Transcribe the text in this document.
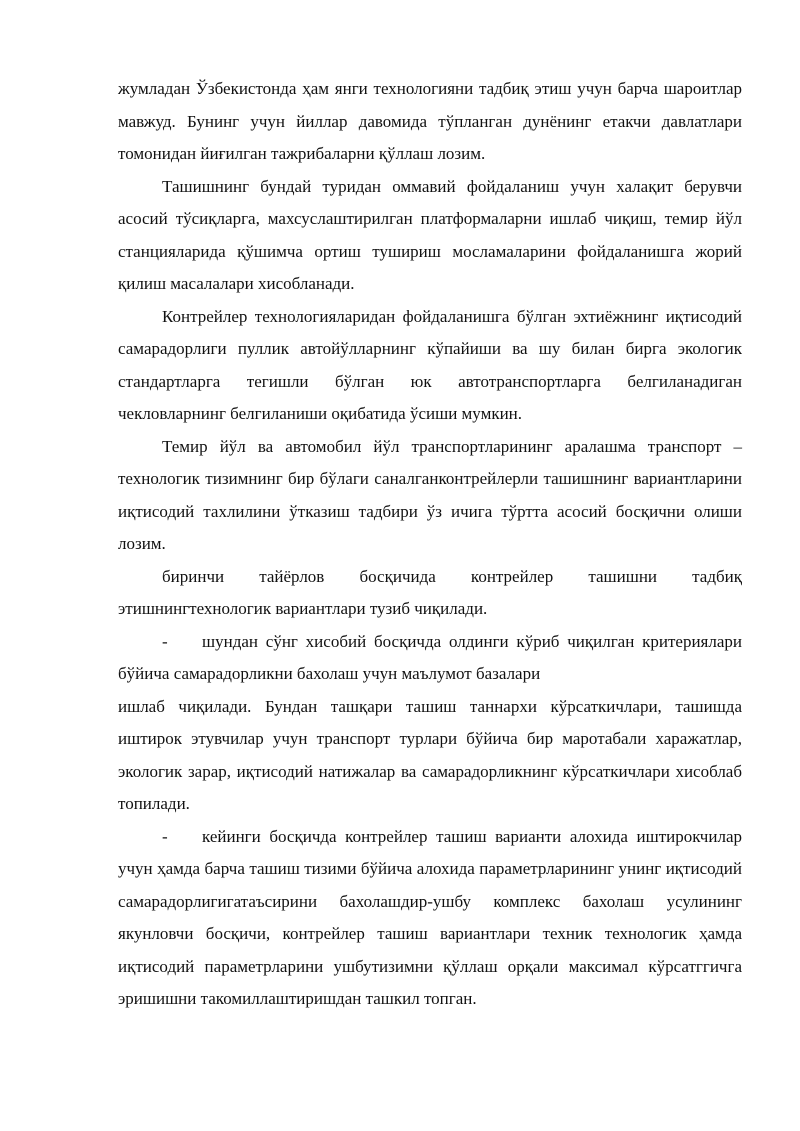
жумладан Ўзбекистонда ҳам янги технологияни тадбиқ этиш учун барча шароитлар мавжуд. Бунинг учун йиллар давомида тўпланган дунёнинг етакчи давлатлари томонидан йиғилган тажрибаларни қўллаш лозим.

Ташишнинг бундай туридан оммавий фойдаланиш учун халақит берувчи асосий тўсиқларга, махсуслаштирилган платформаларни ишлаб чиқиш, темир йўл станцияларида қўшимча ортиш тушириш мосламаларини фойдаланишга жорий қилиш масалалари хисобланади.

Контрейлер технологияларидан фойдаланишга бўлган эхтиёжнинг иқтисодий самарадорлиги пуллик автойўлларнинг кўпайиши ва шу билан бирга экологик стандартларга тегишли бўлган юк автотранспортларга белгиланадиган чекловларнинг белгиланиши оқибатида ўсиши мумкин.

Темир йўл ва автомобил йўл транспортларининг аралашма транспорт – технологик тизимнинг бир бўлаги саналганконтрейлерли ташишнинг вариантларини иқтисодий тахлилини ўтказиш тадбири ўз ичига тўртта асосий босқични олиши лозим.

биринчи тайёрлов босқичида контрейлер ташишни тадбиқ этишнингтехнологик вариантлари тузиб чиқилади.

- шундан сўнг хисобий босқичда олдинги кўриб чиқилган критериялари бўйича самарадорликни бахолаш учун маълумот базалари

ишлаб чиқилади. Бундан ташқари ташиш таннархи кўрсаткичлари, ташишда иштирок этувчилар учун транспорт турлари бўйича бир маротабали харажатлар, экологик зарар, иқтисодий натижалар ва самарадорликнинг кўрсаткичлари хисоблаб топилади.

- кейинги босқичда контрейлер ташиш варианти алохида иштирокчилар учун ҳамда барча ташиш тизими бўйича алохида параметрларининг унинг иқтисодий самарадорлигигатаъсирини бахолашдир-ушбу комплекс бахолаш усулининг якунловчи босқичи, контрейлер ташиш вариантлари техник технологик ҳамда иқтисодий параметрларини ушбутизимни қўллаш орқали максимал кўрсатггичга эришишни такомиллаштиришдан ташкил топган.
